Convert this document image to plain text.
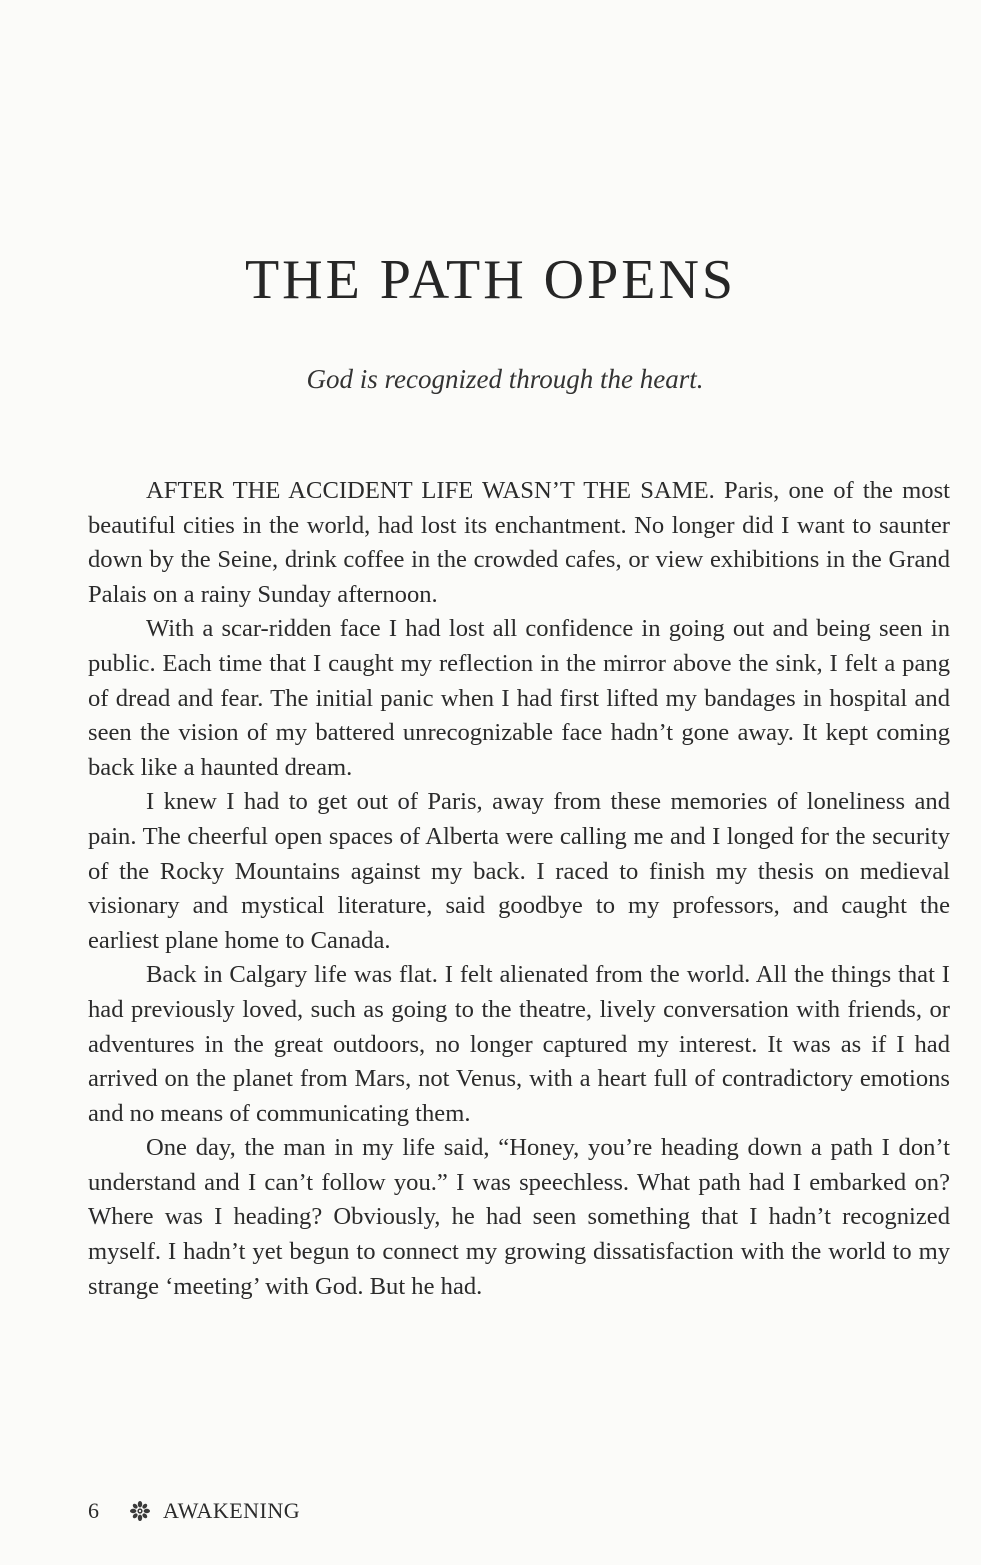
THE PATH OPENS

God is recognized through the heart.

AFTER THE ACCIDENT LIFE WASN’T THE SAME. Paris, one of the most beautiful cities in the world, had lost its enchantment. No longer did I want to saunter down by the Seine, drink coffee in the crowded cafes, or view exhibitions in the Grand Palais on a rainy Sunday afternoon.

With a scar-ridden face I had lost all confidence in going out and being seen in public. Each time that I caught my reflection in the mirror above the sink, I felt a pang of dread and fear. The initial panic when I had first lifted my bandages in hospital and seen the vision of my battered unrecognizable face hadn’t gone away. It kept coming back like a haunted dream.

I knew I had to get out of Paris, away from these memories of loneliness and pain. The cheerful open spaces of Alberta were calling me and I longed for the security of the Rocky Mountains against my back. I raced to finish my thesis on medieval visionary and mystical literature, said goodbye to my professors, and caught the earliest plane home to Canada.

Back in Calgary life was flat. I felt alienated from the world. All the things that I had previously loved, such as going to the theatre, lively conversation with friends, or adventures in the great outdoors, no longer captured my interest. It was as if I had arrived on the planet from Mars, not Venus, with a heart full of contradictory emotions and no means of communicating them.

One day, the man in my life said, “Honey, you’re heading down a path I don’t understand and I can’t follow you.” I was speechless. What path had I embarked on? Where was I heading? Obviously, he had seen something that I hadn’t recognized myself. I hadn’t yet begun to connect my growing dissatisfaction with the world to my strange ‘meeting’ with God. But he had.

6	AWAKENING
